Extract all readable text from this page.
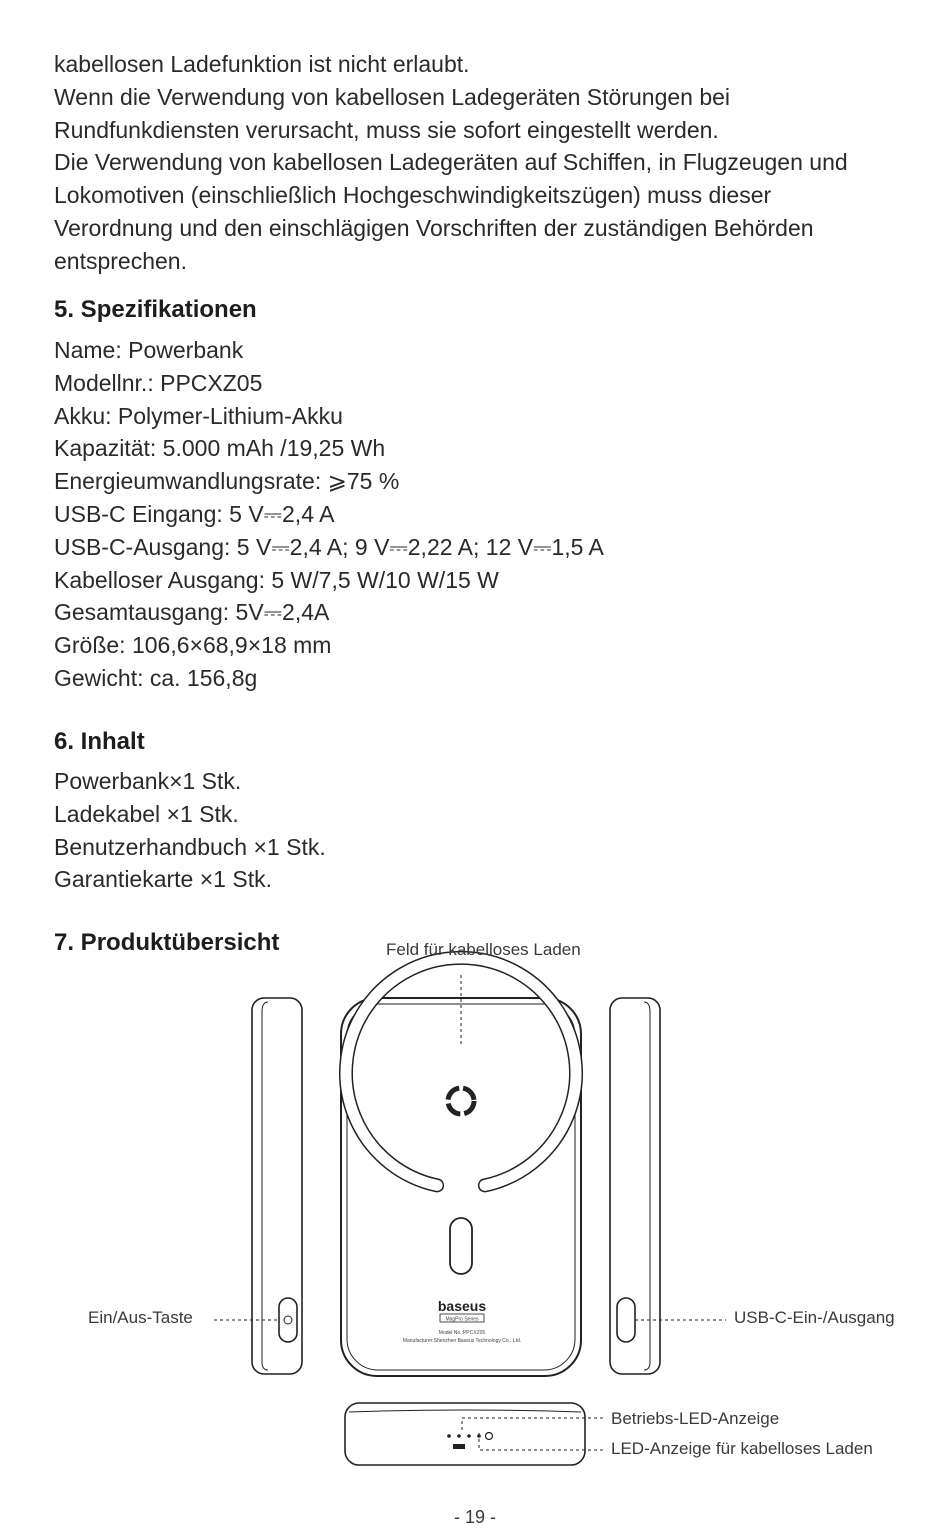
kabellosen Ladefunktion ist nicht erlaubt.
Wenn die Verwendung von kabellosen Ladegeräten Störungen bei
Rundfunkdiensten verursacht, muss sie sofort eingestellt werden.
Die Verwendung von kabellosen Ladegeräten auf Schiffen, in Flugzeugen und
Lokomotiven (einschließlich Hochgeschwindigkeitszügen) muss dieser
Verordnung und den einschlägigen Vorschriften der zuständigen Behörden
entsprechen.
5. Spezifikationen
Name: Powerbank
Modellnr.: PPCXZ05
Akku: Polymer-Lithium-Akku
Kapazität: 5.000 mAh /19,25 Wh
Energieumwandlungsrate: ⩾75 %
USB-C Eingang: 5 V⎓2,4 A
USB-C-Ausgang: 5 V⎓2,4 A; 9 V⎓2,22 A; 12 V⎓1,5 A
Kabelloser Ausgang: 5 W/7,5 W/10 W/15 W
Gesamtausgang: 5V⎓2,4A
Größe: 106,6×68,9×18 mm
Gewicht: ca. 156,8g
6. Inhalt
Powerbank×1 Stk.
Ladekabel ×1 Stk.
Benutzerhandbuch ×1 Stk.
Garantiekarte ×1 Stk.
7. Produktübersicht
baseus
MagPro Series
Model No.:PPCXZ05
Manufacturer:Shenzhen Baseus Technology Co., Ltd.
Feld für kabelloses Laden
Ein/Aus-Taste	USB-C-Ein-/Ausgang
Betriebs-LED-Anzeige
LED-Anzeige für kabelloses Laden
- 19 -
